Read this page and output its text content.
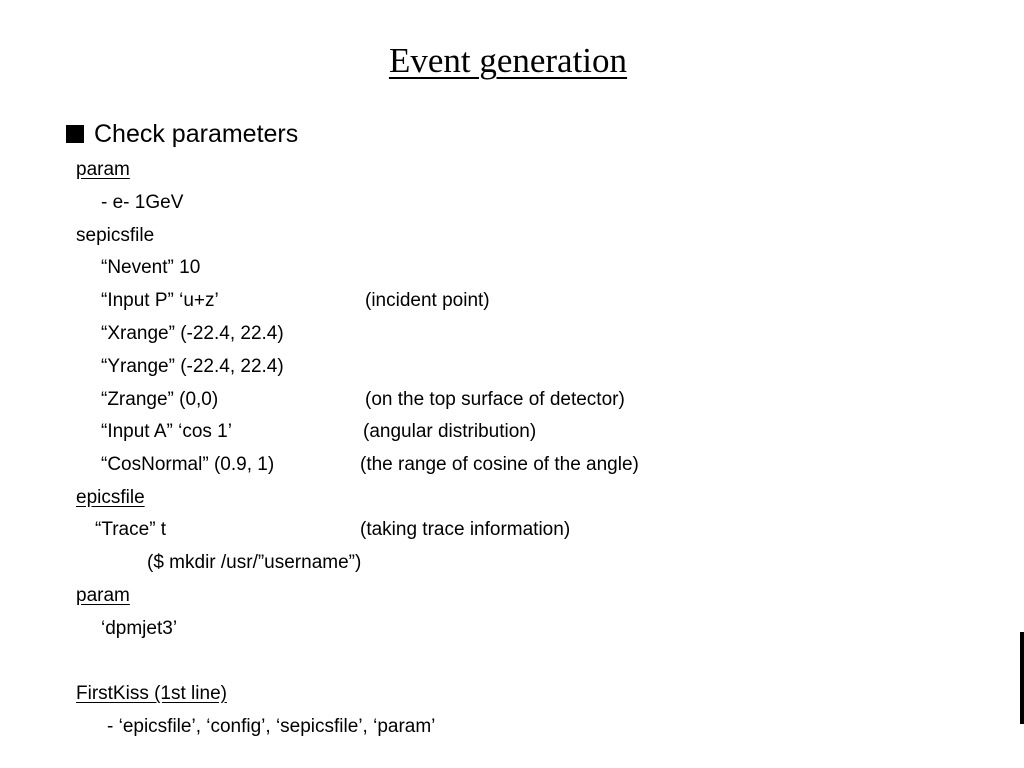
Event generation
Check parameters
param
- e- 1GeV
sepicsfile
“Nevent” 10
“Input P” ‘u+z’	(incident point)
“Xrange” (-22.4, 22.4)
“Yrange” (-22.4, 22.4)
“Zrange” (0,0)	(on the top surface of detector)
“Input A” ‘cos 1’	(angular distribution)
“CosNormal” (0.9, 1)	(the range of cosine of the angle)
epicsfile
“Trace” t	(taking trace information)
($ mkdir /usr/”username”)
param
‘dpmjet3’
FirstKiss (1st line)
- ‘epicsfile’, ‘config’, ‘sepicsfile’, ‘param’
